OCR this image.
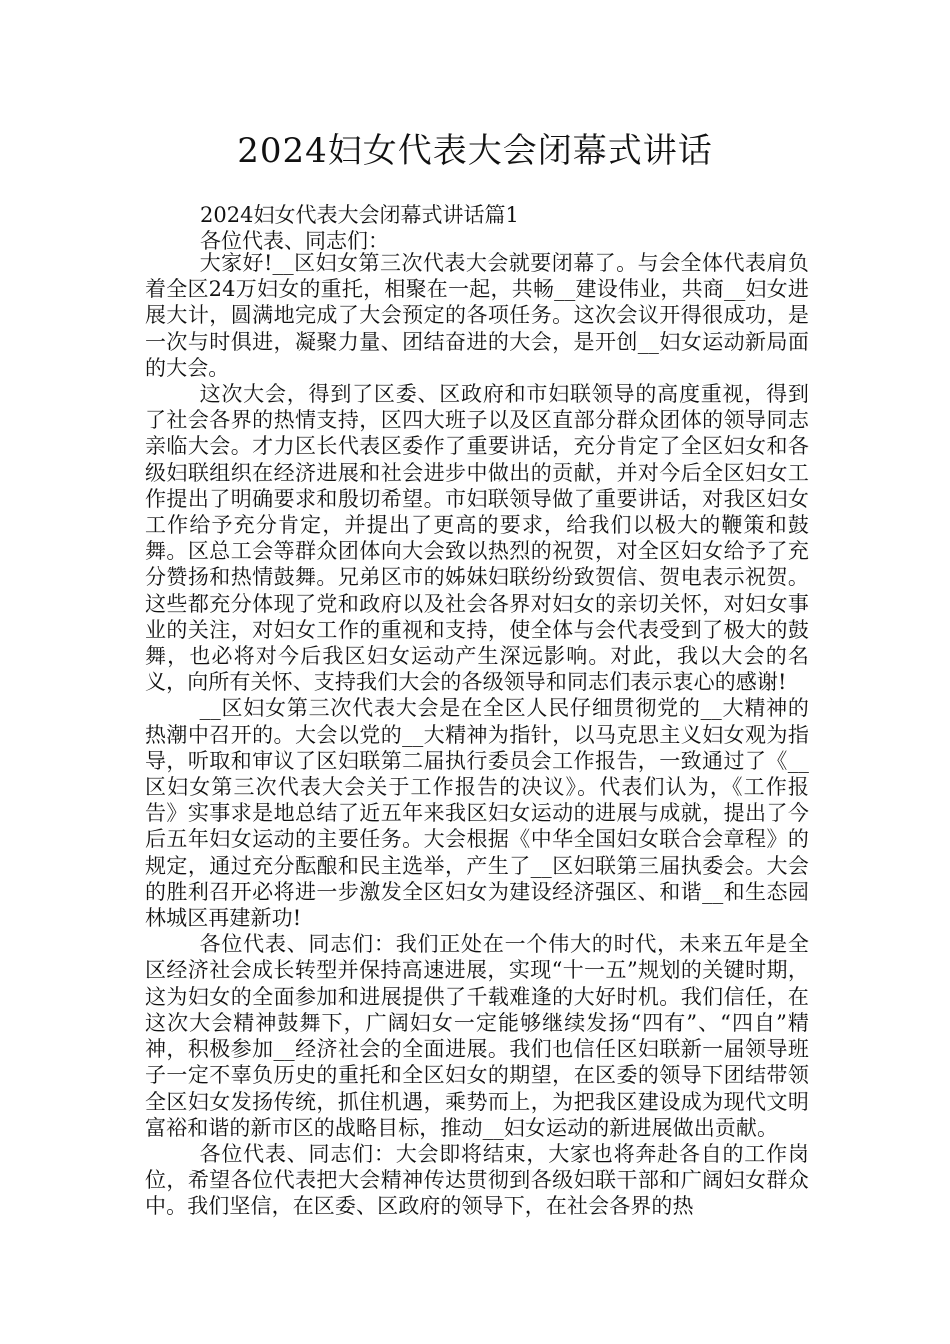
2024妇女代表大会闭幕式讲话
2024妇女代表大会闭幕式讲话篇1
各位代表、同志们：

大家好!__区妇女第三次代表大会就要闭幕了。与会全体代表肩负着全区24万妇女的重托，相聚在一起，共畅__建设伟业，共商__妇女进展大计，圆满地完成了大会预定的各项任务。这次会议开得很成功，是一次与时俱进，凝聚力量、团结奋进的大会，是开创__妇女运动新局面的大会。

这次大会，得到了区委、区政府和市妇联领导的高度重视，得到了社会各界的热情支持，区四大班子以及区直部分群众团体的领导同志亲临大会。才力区长代表区委作了重要讲话，充分肯定了全区妇女和各级妇联组织在经济进展和社会进步中做出的贡献，并对今后全区妇女工作提出了明确要求和殷切希望。市妇联领导做了重要讲话，对我区妇女工作给予充分肯定，并提出了更高的要求，给我们以极大的鞭策和鼓舞。区总工会等群众团体向大会致以热烈的祝贺，对全区妇女给予了充分赞扬和热情鼓舞。兄弟区市的姊妹妇联纷纷致贺信、贺电表示祝贺。这些都充分体现了党和政府以及社会各界对妇女的亲切关怀，对妇女事业的关注，对妇女工作的重视和支持，使全体与会代表受到了极大的鼓舞，也必将对今后我区妇女运动产生深远影响。对此，我以大会的名义，向所有关怀、支持我们大会的各级领导和同志们表示衷心的感谢!

__区妇女第三次代表大会是在全区人民仔细贯彻党的__大精神的热潮中召开的。大会以党的__大精神为指针，以马克思主义妇女观为指导，听取和审议了区妇联第二届执行委员会工作报告，一致通过了《__区妇女第三次代表大会关于工作报告的决议》。代表们认为，《工作报告》实事求是地总结了近五年来我区妇女运动的进展与成就，提出了今后五年妇女运动的主要任务。大会根据《中华全国妇女联合会章程》的规定，通过充分酝酿和民主选举，产生了__区妇联第三届执委会。大会的胜利召开必将进一步激发全区妇女为建设经济强区、和谐__和生态园林城区再建新功!

各位代表、同志们：我们正处在一个伟大的时代，未来五年是全区经济社会成长转型并保持高速进展，实现“十一五”规划的关键时期，这为妇女的全面参加和进展提供了千载难逢的大好时机。我们信任，在这次大会精神鼓舞下，广阔妇女一定能够继续发扬“四有”、“四自”精神，积极参加__经济社会的全面进展。我们也信任区妇联新一届领导班子一定不辜负历史的重托和全区妇女的期望，在区委的领导下团结带领全区妇女发扬传统，抓住机遇，乘势而上，为把我区建设成为现代文明富裕和谐的新市区的战略目标，推动__妇女运动的新进展做出贡献。

各位代表、同志们：大会即将结束，大家也将奔赴各自的工作岗位，希望各位代表把大会精神传达贯彻到各级妇联干部和广阔妇女群众中。我们坚信，在区委、区政府的领导下，在社会各界的热
